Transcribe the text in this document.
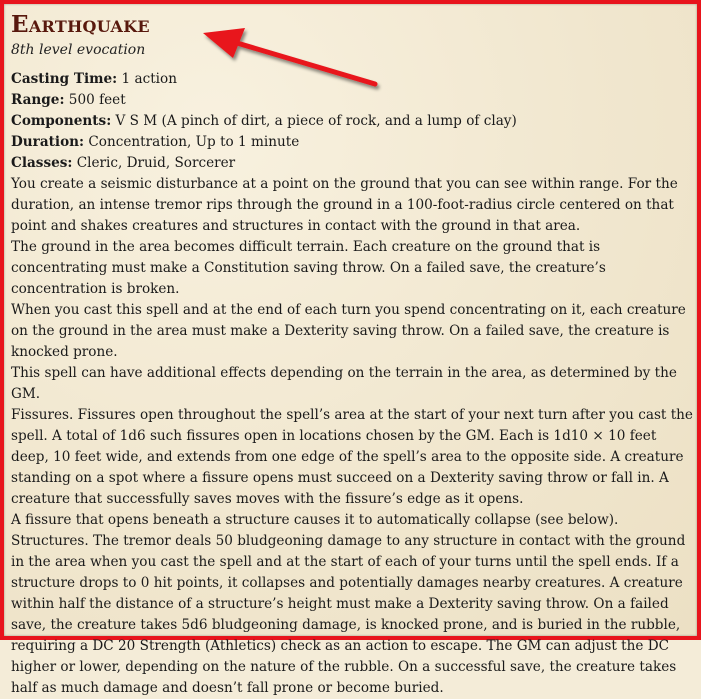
Earthquake

8th level evocation

Casting Time: 1 action

Range: 500 feet

Components: V S M (A pinch of dirt, a piece of rock, and a lump of clay)

Duration: Concentration, Up to 1 minute

Classes: Cleric, Druid, Sorcerer

You create a seismic disturbance at a point on the ground that you can see within range. For the duration, an intense tremor rips through the ground in a 100-foot-radius circle centered on that point and shakes creatures and structures in contact with the ground in that area.

The ground in the area becomes difficult terrain. Each creature on the ground that is concentrating must make a Constitution saving throw. On a failed save, the creature’s concentration is broken.

When you cast this spell and at the end of each turn you spend concentrating on it, each creature on the ground in the area must make a Dexterity saving throw. On a failed save, the creature is knocked prone.

This spell can have additional effects depending on the terrain in the area, as determined by the GM.

Fissures. Fissures open throughout the spell’s area at the start of your next turn after you cast the spell. A total of 1d6 such fissures open in locations chosen by the GM. Each is 1d10 × 10 feet deep, 10 feet wide, and extends from one edge of the spell’s area to the opposite side. A creature standing on a spot where a fissure opens must succeed on a Dexterity saving throw or fall in. A creature that successfully saves moves with the fissure’s edge as it opens.

A fissure that opens beneath a structure causes it to automatically collapse (see below).

Structures. The tremor deals 50 bludgeoning damage to any structure in contact with the ground in the area when you cast the spell and at the start of each of your turns until the spell ends. If a structure drops to 0 hit points, it collapses and potentially damages nearby creatures. A creature within half the distance of a structure’s height must make a Dexterity saving throw. On a failed save, the creature takes 5d6 bludgeoning damage, is knocked prone, and is buried in the rubble, requiring a DC 20 Strength (Athletics) check as an action to escape. The GM can adjust the DC higher or lower, depending on the nature of the rubble. On a successful save, the creature takes half as much damage and doesn’t fall prone or become buried.
